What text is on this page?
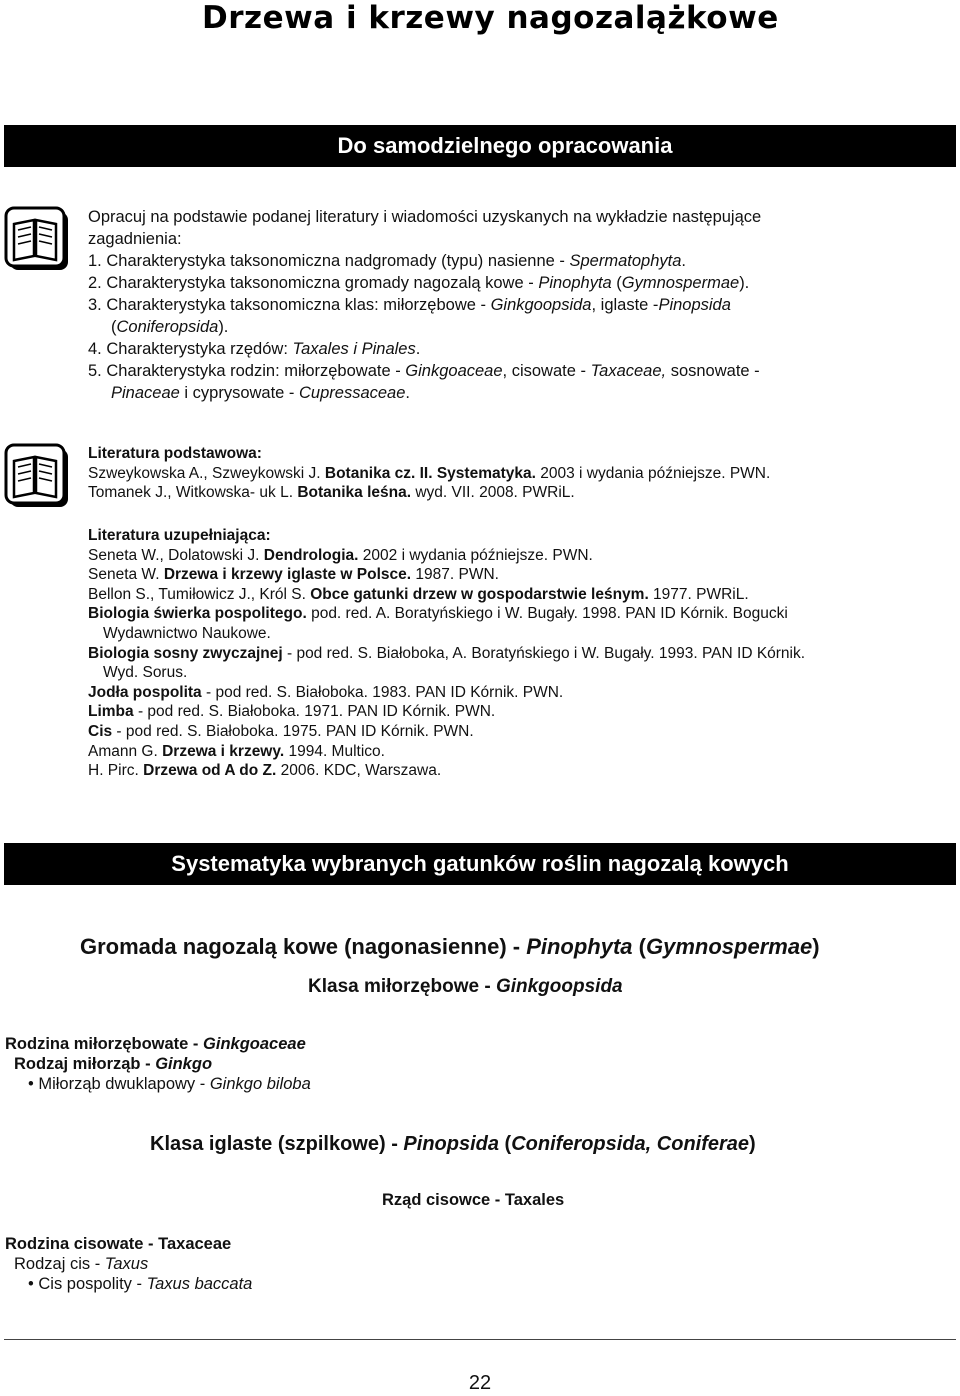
Drzewa i krzewy nagozalążkowe
Do samodzielnego opracowania
Opracuj na podstawie podanej literatury i wiadomości uzyskanych na wykładzie następujące
zagadnienia:
1. Charakterystyka taksonomiczna nadgromady (typu) nasienne - Spermatophyta.
2. Charakterystyka taksonomiczna gromady nagozalą kowe - Pinophyta (Gymnospermae).
3. Charakterystyka taksonomiczna klas: miłorzębowe - Ginkgoopsida, iglaste -Pinopsida
(Coniferopsida).
4. Charakterystyka rzędów: Taxales i Pinales.
5. Charakterystyka rodzin: miłorzębowate - Ginkgoaceae, cisowate - Taxaceae, sosnowate -
Pinaceae i cyprysowate - Cupressaceae.
Literatura podstawowa:
Szweykowska A., Szweykowski J. Botanika cz. II. Systematyka. 2003 i wydania późniejsze. PWN.
Tomanek J., Witkowska- uk L. Botanika leśna. wyd. VII. 2008. PWRiL.
Literatura uzupełniająca:
Seneta W., Dolatowski J. Dendrologia. 2002 i wydania późniejsze. PWN.
Seneta W. Drzewa i krzewy iglaste w Polsce. 1987. PWN.
Bellon S., Tumiłowicz J., Król S. Obce gatunki drzew w gospodarstwie leśnym. 1977. PWRiL.
Biologia świerka pospolitego. pod. red. A. Boratyńskiego i W. Bugały. 1998. PAN ID Kórnik. Bogucki
Wydawnictwo Naukowe.
Biologia sosny zwyczajnej - pod red. S. Białoboka, A. Boratyńskiego i W. Bugały. 1993. PAN ID Kórnik.
Wyd. Sorus.
Jodła pospolita - pod red. S. Białoboka. 1983. PAN ID Kórnik. PWN.
Limba - pod red. S. Białoboka. 1971. PAN ID Kórnik. PWN.
Cis - pod red. S. Białoboka. 1975. PAN ID Kórnik. PWN.
Amann G. Drzewa i krzewy. 1994. Multico.
H. Pirc. Drzewa od A do Z. 2006. KDC, Warszawa.
Systematyka wybranych gatunków roślin nagozalą kowych
Gromada nagozalą kowe (nagonasienne) - Pinophyta (Gymnospermae)
Klasa miłorzębowe - Ginkgoopsida
Rodzina miłorzębowate - Ginkgoaceae
Rodzaj miłorząb - Ginkgo
• Miłorząb dwuklapowy - Ginkgo biloba
Klasa iglaste (szpilkowe) - Pinopsida (Coniferopsida, Coniferae)
Rząd cisowce - Taxales
Rodzina cisowate - Taxaceae
Rodzaj cis - Taxus
• Cis pospolity - Taxus baccata
22
